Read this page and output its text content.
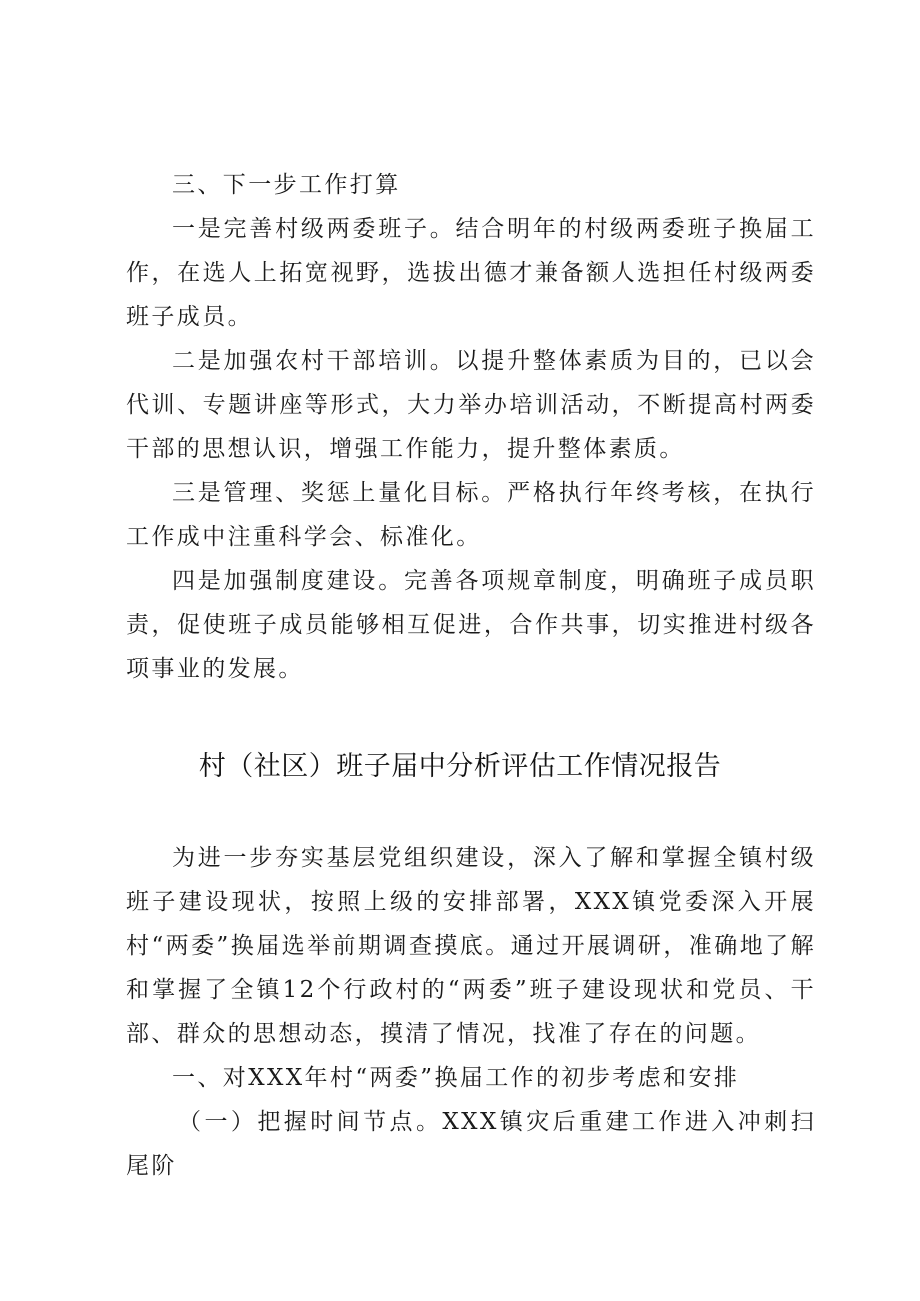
三、下一步工作打算

一是完善村级两委班子。结合明年的村级两委班子换届工作，在选人上拓宽视野，选拔出德才兼备额人选担任村级两委班子成员。

二是加强农村干部培训。以提升整体素质为目的，已以会代训、专题讲座等形式，大力举办培训活动，不断提高村两委干部的思想认识，增强工作能力，提升整体素质。

三是管理、奖惩上量化目标。严格执行年终考核，在执行工作成中注重科学会、标准化。

四是加强制度建设。完善各项规章制度，明确班子成员职责，促使班子成员能够相互促进，合作共事，切实推进村级各项事业的发展。

村（社区）班子届中分析评估工作情况报告

为进一步夯实基层党组织建设，深入了解和掌握全镇村级班子建设现状，按照上级的安排部署，XXX镇党委深入开展村“两委”换届选举前期调查摸底。通过开展调研，准确地了解和掌握了全镇12个行政村的“两委”班子建设现状和党员、干部、群众的思想动态，摸清了情况，找准了存在的问题。

一、对XXX年村“两委”换届工作的初步考虑和安排

（一）把握时间节点。XXX镇灾后重建工作进入冲刺扫尾阶
